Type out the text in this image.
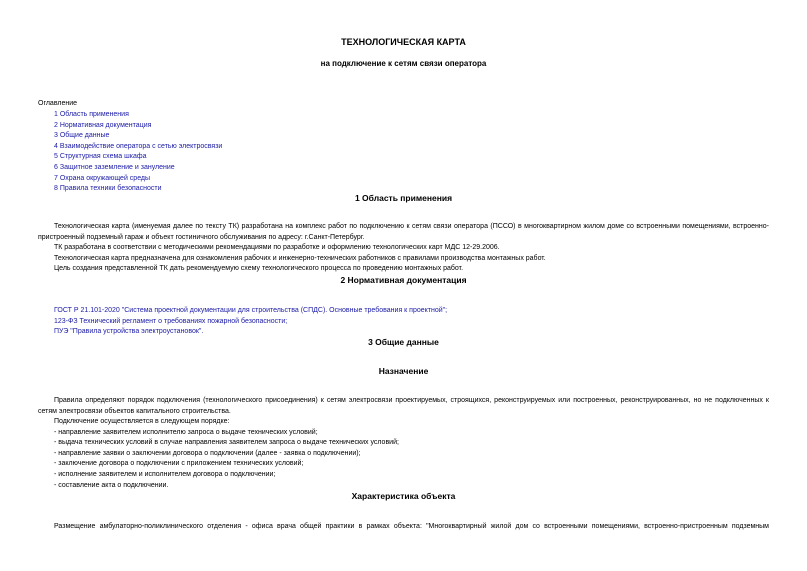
ТЕХНОЛОГИЧЕСКАЯ КАРТА
на подключение к сетям связи оператора
Оглавление
1 Область применения
2 Нормативная документация
3 Общие данные
4 Взаимодействие оператора с сетью электросвязи
5 Структурная схема шкафа
6 Защитное заземление и зануление
7 Охрана окружающей среды
8 Правила техники безопасности
1 Область применения

Технологическая карта (именуемая далее по тексту ТК) разработана на комплекс работ по подключению к сетям связи оператора (ПССО) в многоквартирном жилом доме со встроенными помещениями, встроенно-пристроенный подземный гараж и объект гостиничного обслуживания по адресу: г.Санкт-Петербург.

ТК разработана в соответствии с методическими рекомендациями по разработке и оформлению технологических карт МДС 12-29.2006.

Технологическая карта предназначена для ознакомления рабочих и инженерно-технических работников с правилами производства монтажных работ.

Цель создания представленной ТК дать рекомендуемую схему технологического процесса по проведению монтажных работ.

2 Нормативная документация
ГОСТ Р 21.101-2020 "Система проектной документации для строительства (СПДС). Основные требования к проектной";
123-ФЗ Технический регламент о требованиях пожарной безопасности;
ПУЭ "Правила устройства электроустановок".
3 Общие данные
Назначение

Правила определяют порядок подключения (технологического присоединения) к сетям электросвязи проектируемых, строящихся, реконструируемых или построенных, реконструированных, но не подключенных к сетям электросвязи объектов капитального строительства.

Подключение осуществляется в следующем порядке:
- направление заявителем исполнителю запроса о выдаче технических условий;
- выдача технических условий в случае направления заявителем запроса о выдаче технических условий;
- направление заявки о заключении договора о подключении (далее - заявка о подключении);
- заключение договора о подключении с приложением технических условий;
- исполнение заявителем и исполнителем договора о подключении;
- составление акта о подключении.
Характеристика объекта

Размещение амбулаторно-поликлинического отделения - офиса врача общей практики в рамках объекта: "Многоквартирный жилой дом со встроенными помещениями, встроенно-пристроенным подземным
